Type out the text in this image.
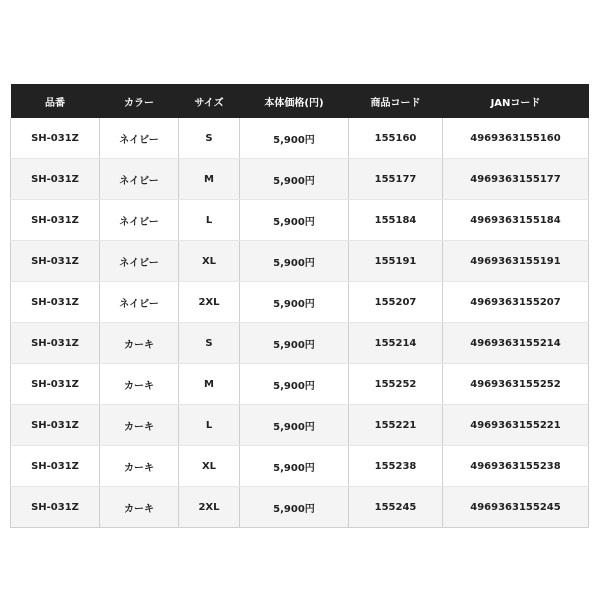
品番	カラー	サイズ	本体価格(円)	商品コード	JANコード
SH-031Z	ネイビー	S	5,900円	155160	4969363155160
SH-031Z	ネイビー	M	5,900円	155177	4969363155177
SH-031Z	ネイビー	L	5,900円	155184	4969363155184
SH-031Z	ネイビー	XL	5,900円	155191	4969363155191
SH-031Z	ネイビー	2XL	5,900円	155207	4969363155207
SH-031Z	カーキ	S	5,900円	155214	4969363155214
SH-031Z	カーキ	M	5,900円	155252	4969363155252
SH-031Z	カーキ	L	5,900円	155221	4969363155221
SH-031Z	カーキ	XL	5,900円	155238	4969363155238
SH-031Z	カーキ	2XL	5,900円	155245	4969363155245
